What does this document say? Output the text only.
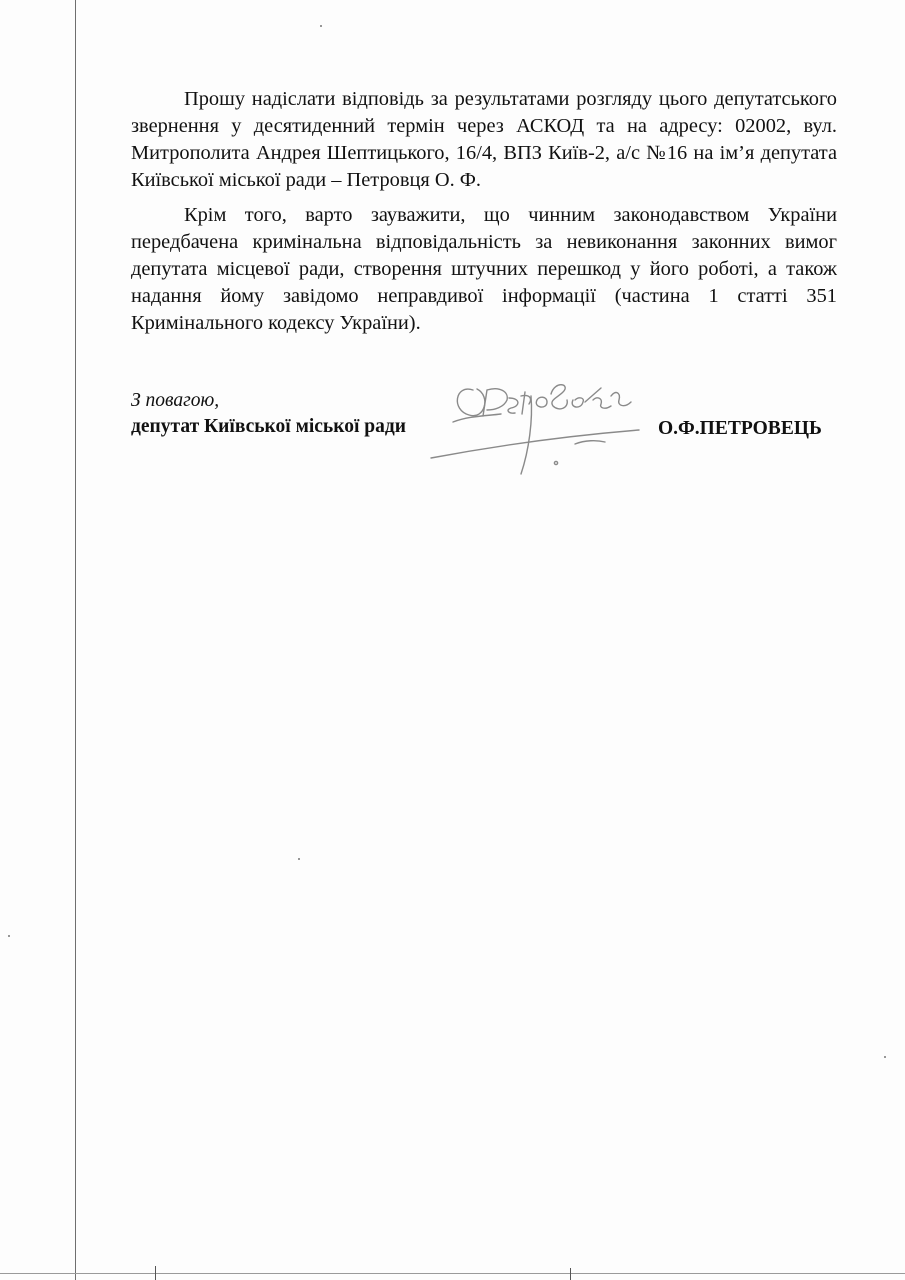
Прошу надіслати відповідь за результатами розгляду цього депутатського звернення у десятиденний термін через АСКОД та на адресу: 02002, вул. Митрополита Андрея Шептицького, 16/4, ВПЗ Київ-2, а/с №16 на ім’я депутата Київської міської ради – Петровця О. Ф.

Крім того, варто зауважити, що чинним законодавством України передбачена кримінальна відповідальність за невиконання законних вимог депутата місцевої ради, створення штучних перешкод у його роботі, а також надання йому завідомо неправдивої інформації (частина 1 статті 351 Кримінального кодексу України).

З повагою,

депутат Київської міської ради	О.Ф.ПЕТРОВЕЦЬ
